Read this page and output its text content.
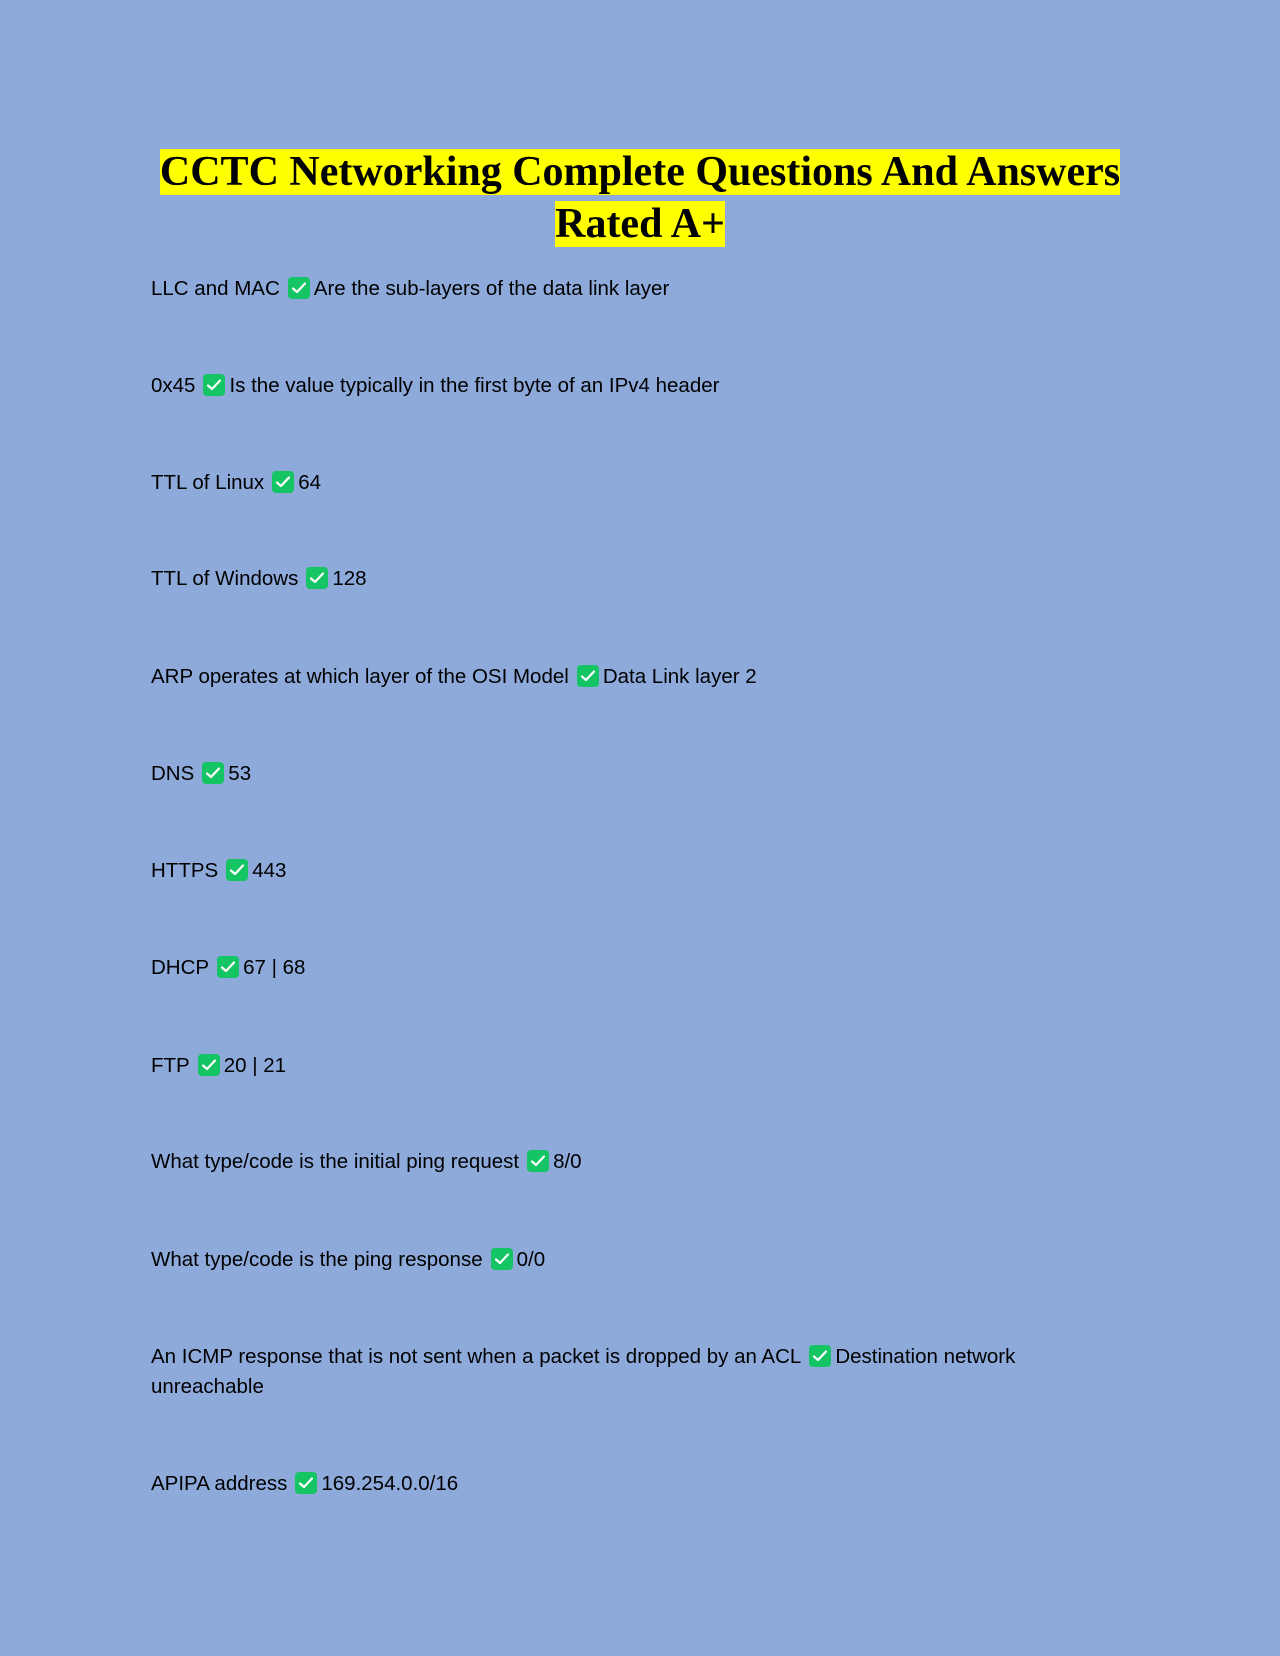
CCTC Networking Complete Questions And Answers
Rated A+

LLC and MAC Are the sub-layers of the data link layer

0x45 Is the value typically in the first byte of an IPv4 header

TTL of Linux 64

TTL of Windows 128

ARP operates at which layer of the OSI Model Data Link layer 2

DNS 53

HTTPS 443

DHCP 67 | 68

FTP 20 | 21

What type/code is the initial ping request 8/0

What type/code is the ping response 0/0

An ICMP response that is not sent when a packet is dropped by an ACL Destination network unreachable

APIPA address 169.254.0.0/16
